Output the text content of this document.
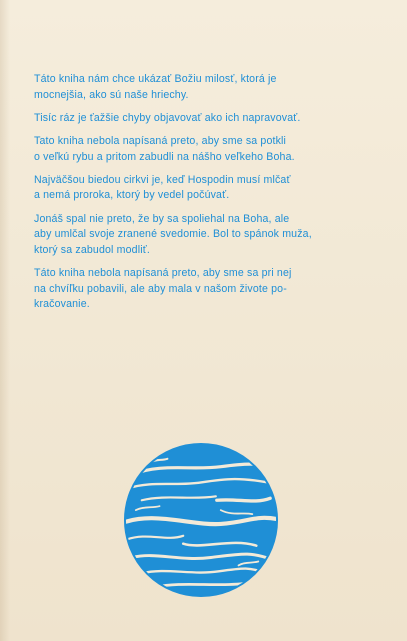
Táto kniha nám chce ukázať Božiu milosť, ktorá je
mocnejšia, ako sú naše hriechy.

Tisíc ráz je ťažšie chyby objavovať ako ich napravovať.

Tato kniha nebola napísaná preto, aby sme sa potkli
o veľkú rybu a pritom zabudli na nášho veľkeho Boha.

Najväčšou biedou cirkvi je, keď Hospodin musí mlčať
a nemá proroka, ktorý by vedel počúvať.

Jonáš spal nie preto, že by sa spoliehal na Boha, ale
aby umlčal svoje zranené svedomie. Bol to spánok muža,
ktorý sa zabudol modliť.

Táto kniha nebola napísaná preto, aby sme sa pri nej
na chvíľku pobavili, ale aby mala v našom živote po-
kračovanie.
